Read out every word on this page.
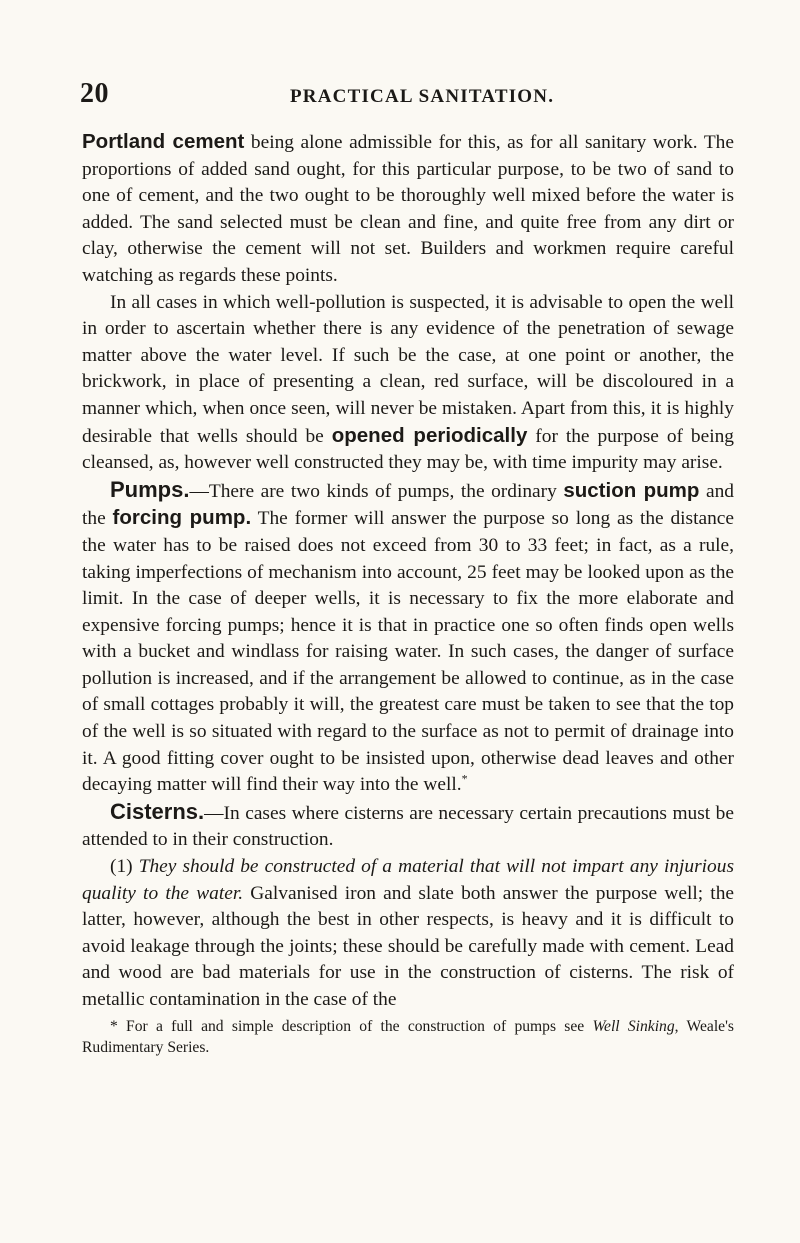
20	PRACTICAL SANITATION.

Portland cement being alone admissible for this, as for all sanitary work. The proportions of added sand ought, for this particular purpose, to be two of sand to one of cement, and the two ought to be thoroughly well mixed before the water is added. The sand selected must be clean and fine, and quite free from any dirt or clay, otherwise the cement will not set. Builders and workmen require careful watching as regards these points.

In all cases in which well-pollution is suspected, it is advisable to open the well in order to ascertain whether there is any evidence of the penetration of sewage matter above the water level. If such be the case, at one point or another, the brickwork, in place of presenting a clean, red surface, will be discoloured in a manner which, when once seen, will never be mistaken. Apart from this, it is highly desirable that wells should be opened periodically for the purpose of being cleansed, as, however well constructed they may be, with time impurity may arise.

Pumps.—There are two kinds of pumps, the ordinary suction pump and the forcing pump. The former will answer the purpose so long as the distance the water has to be raised does not exceed from 30 to 33 feet; in fact, as a rule, taking imperfections of mechanism into account, 25 feet may be looked upon as the limit. In the case of deeper wells, it is necessary to fix the more elaborate and expensive forcing pumps; hence it is that in practice one so often finds open wells with a bucket and windlass for raising water. In such cases, the danger of surface pollution is increased, and if the arrangement be allowed to continue, as in the case of small cottages probably it will, the greatest care must be taken to see that the top of the well is so situated with regard to the surface as not to permit of drainage into it. A good fitting cover ought to be insisted upon, otherwise dead leaves and other decaying matter will find their way into the well.*

Cisterns.—In cases where cisterns are necessary certain precautions must be attended to in their construction.

(1) They should be constructed of a material that will not impart any injurious quality to the water. Galvanised iron and slate both answer the purpose well; the latter, however, although the best in other respects, is heavy and it is difficult to avoid leakage through the joints; these should be carefully made with cement. Lead and wood are bad materials for use in the construction of cisterns. The risk of metallic contamination in the case of the

* For a full and simple description of the construction of pumps see Well Sinking, Weale's Rudimentary Series.
